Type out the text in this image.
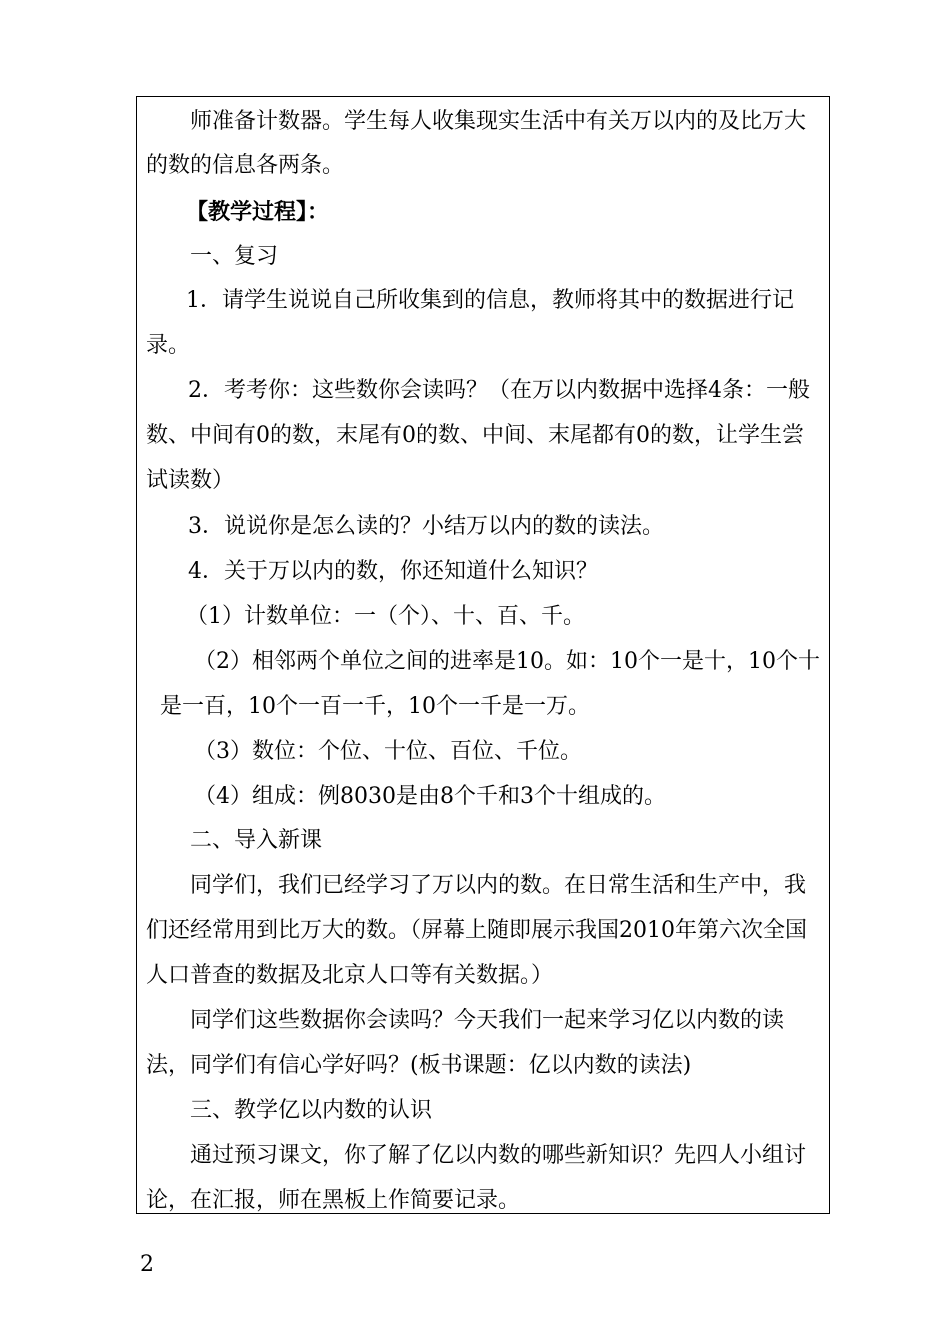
师准备计数器。学生每人收集现实生活中有关万以内的及比万大
的数的信息各两条。
【教学过程】：
一、复习
1．请学生说说自己所收集到的信息，教师将其中的数据进行记
录。
2．考考你：这些数你会读吗？（在万以内数据中选择4条：一般
数、中间有0的数，末尾有0的数、中间、末尾都有0的数，让学生尝
试读数）
3．说说你是怎么读的？小结万以内的数的读法。
4．关于万以内的数，你还知道什么知识？
（1）计数单位：一（个）、十、百、千。
（2）相邻两个单位之间的进率是10。如：10个一是十，10个十
是一百，10个一百一千，10个一千是一万。
（3）数位：个位、十位、百位、千位。
（4）组成：例8030是由8个千和3个十组成的。
二、导入新课
同学们，我们已经学习了万以内的数。在日常生活和生产中，我
们还经常用到比万大的数。（屏幕上随即展示我国2010年第六次全国
人口普查的数据及北京人口等有关数据。）
同学们这些数据你会读吗？今天我们一起来学习亿以内数的读
法，同学们有信心学好吗？(板书课题：亿以内数的读法)
三、教学亿以内数的认识
通过预习课文，你了解了亿以内数的哪些新知识？先四人小组讨
论，在汇报，师在黑板上作简要记录。
2
